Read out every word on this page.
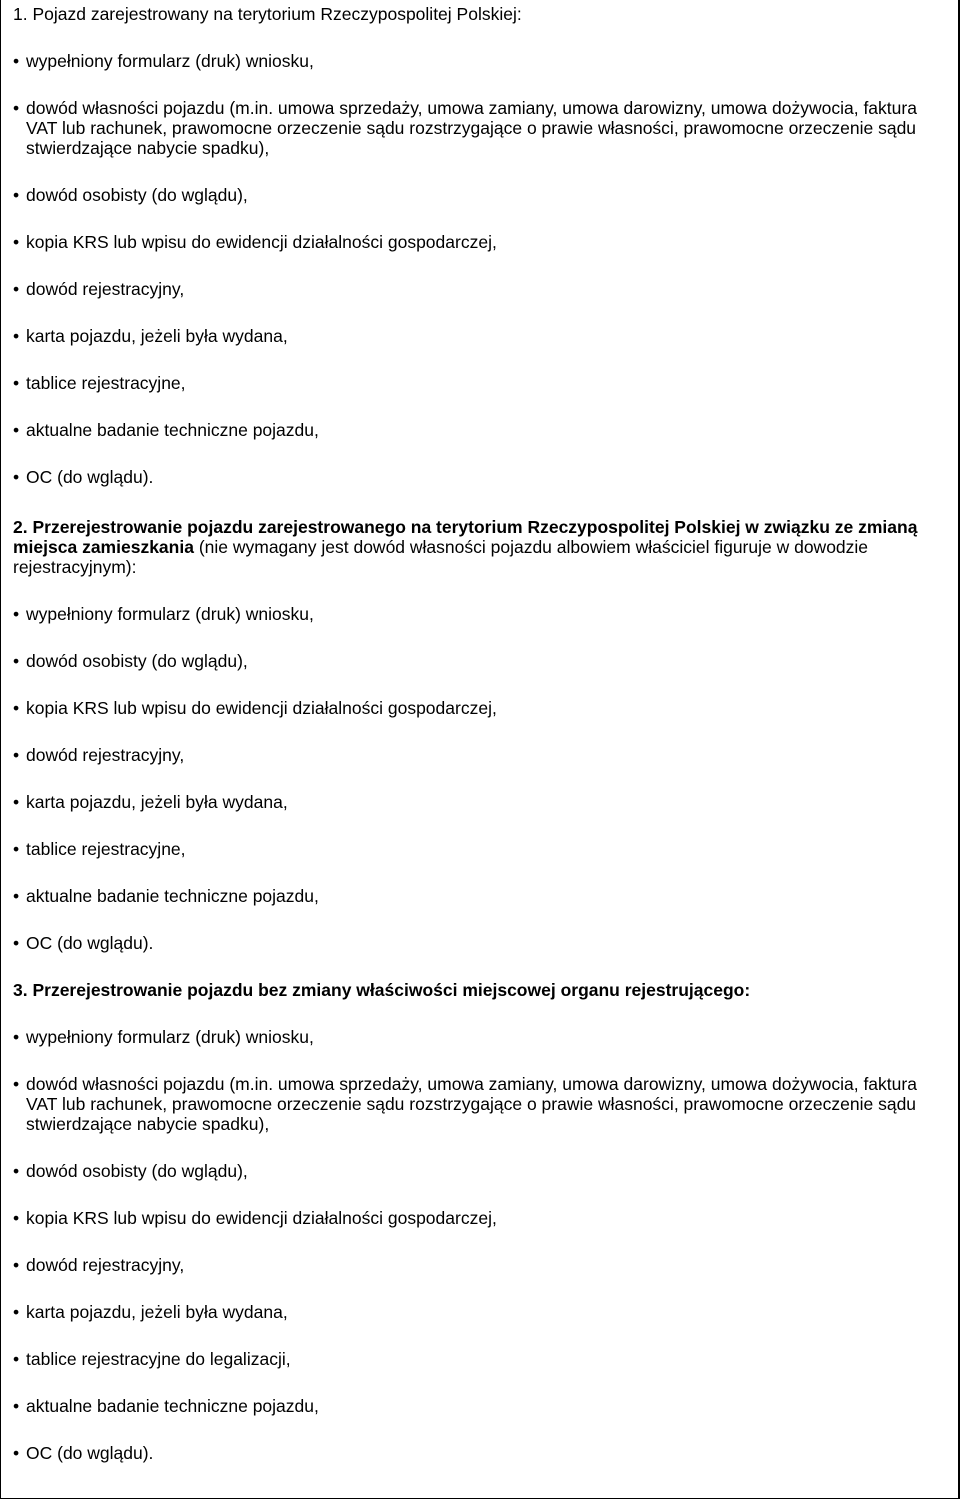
1. Pojazd zarejestrowany na terytorium Rzeczypospolitej Polskiej:

• wypełniony formularz (druk) wniosku,
• dowód własności pojazdu (m.in. umowa sprzedaży, umowa zamiany, umowa darowizny, umowa dożywocia, faktura VAT lub rachunek, prawomocne orzeczenie sądu rozstrzygające o prawie własności, prawomocne orzeczenie sądu stwierdzające nabycie spadku),
• dowód osobisty (do wglądu),
• kopia KRS lub wpisu do ewidencji działalności gospodarczej,
• dowód rejestracyjny,
• karta pojazdu, jeżeli była wydana,
• tablice rejestracyjne,
• aktualne badanie techniczne pojazdu,
• OC (do wglądu).

2. Przerejestrowanie pojazdu zarejestrowanego na terytorium Rzeczypospolitej Polskiej w związku ze zmianą miejsca zamieszkania (nie wymagany jest dowód własności pojazdu albowiem właściciel figuruje w dowodzie rejestracyjnym):

• wypełniony formularz (druk) wniosku,
• dowód osobisty (do wglądu),
• kopia KRS lub wpisu do ewidencji działalności gospodarczej,
• dowód rejestracyjny,
• karta pojazdu, jeżeli była wydana,
• tablice rejestracyjne,
• aktualne badanie techniczne pojazdu,
• OC (do wglądu).

3. Przerejestrowanie pojazdu bez zmiany właściwości miejscowej organu rejestrującego:

• wypełniony formularz (druk) wniosku,
• dowód własności pojazdu (m.in. umowa sprzedaży, umowa zamiany, umowa darowizny, umowa dożywocia, faktura VAT lub rachunek, prawomocne orzeczenie sądu rozstrzygające o prawie własności, prawomocne orzeczenie sądu stwierdzające nabycie spadku),
• dowód osobisty (do wglądu),
• kopia KRS lub wpisu do ewidencji działalności gospodarczej,
• dowód rejestracyjny,
• karta pojazdu, jeżeli była wydana,
• tablice rejestracyjne do legalizacji,
• aktualne badanie techniczne pojazdu,
• OC (do wglądu).
